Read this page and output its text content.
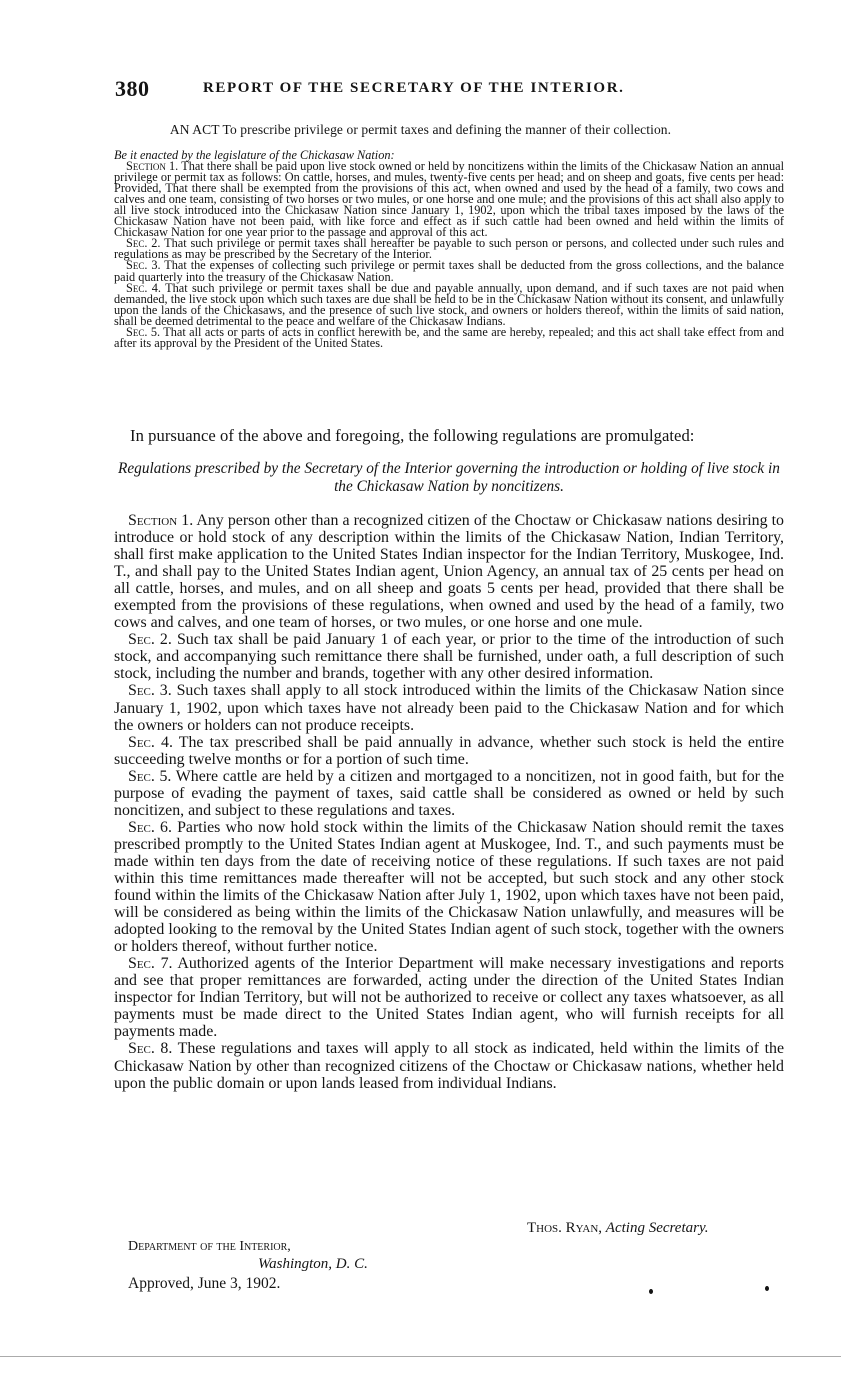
380	REPORT OF THE SECRETARY OF THE INTERIOR.
AN ACT To prescribe privilege or permit taxes and defining the manner of their collection.

Be it enacted by the legislature of the Chickasaw Nation:

Section 1. That there shall be paid upon live stock owned or held by noncitizens within the limits of the Chickasaw Nation an annual privilege or permit tax as follows: On cattle, horses, and mules, twenty-five cents per head; and on sheep and goats, five cents per head: Provided, That there shall be exempted from the provisions of this act, when owned and used by the head of a family, two cows and calves and one team, consisting of two horses or two mules, or one horse and one mule; and the provisions of this act shall also apply to all live stock introduced into the Chickasaw Nation since January 1, 1902, upon which the tribal taxes imposed by the laws of the Chickasaw Nation have not been paid, with like force and effect as if such cattle had been owned and held within the limits of Chickasaw Nation for one year prior to the passage and approval of this act.

Sec. 2. That such privilege or permit taxes shall hereafter be payable to such person or persons, and collected under such rules and regulations as may be prescribed by the Secretary of the Interior.

Sec. 3. That the expenses of collecting such privilege or permit taxes shall be deducted from the gross collections, and the balance paid quarterly into the treasury of the Chickasaw Nation.

Sec. 4. That such privilege or permit taxes shall be due and payable annually, upon demand, and if such taxes are not paid when demanded, the live stock upon which such taxes are due shall be held to be in the Chickasaw Nation without its consent, and unlawfully upon the lands of the Chickasaws, and the presence of such live stock, and owners or holders thereof, within the limits of said nation, shall be deemed detrimental to the peace and welfare of the Chickasaw Indians.

Sec. 5. That all acts or parts of acts in conflict herewith be, and the same are hereby, repealed; and this act shall take effect from and after its approval by the President of the United States.

In pursuance of the above and foregoing, the following regulations are promulgated:
Regulations prescribed by the Secretary of the Interior governing the introduction or holding of live stock in the Chickasaw Nation by noncitizens.

Section 1. Any person other than a recognized citizen of the Choctaw or Chickasaw nations desiring to introduce or hold stock of any description within the limits of the Chickasaw Nation, Indian Territory, shall first make application to the United States Indian inspector for the Indian Territory, Muskogee, Ind. T., and shall pay to the United States Indian agent, Union Agency, an annual tax of 25 cents per head on all cattle, horses, and mules, and on all sheep and goats 5 cents per head, provided that there shall be exempted from the provisions of these regulations, when owned and used by the head of a family, two cows and calves, and one team of horses, or two mules, or one horse and one mule.

Sec. 2. Such tax shall be paid January 1 of each year, or prior to the time of the introduction of such stock, and accompanying such remittance there shall be furnished, under oath, a full description of such stock, including the number and brands, together with any other desired information.

Sec. 3. Such taxes shall apply to all stock introduced within the limits of the Chickasaw Nation since January 1, 1902, upon which taxes have not already been paid to the Chickasaw Nation and for which the owners or holders can not produce receipts.

Sec. 4. The tax prescribed shall be paid annually in advance, whether such stock is held the entire succeeding twelve months or for a portion of such time.

Sec. 5. Where cattle are held by a citizen and mortgaged to a noncitizen, not in good faith, but for the purpose of evading the payment of taxes, said cattle shall be considered as owned or held by such noncitizen, and subject to these regulations and taxes.

Sec. 6. Parties who now hold stock within the limits of the Chickasaw Nation should remit the taxes prescribed promptly to the United States Indian agent at Muskogee, Ind. T., and such payments must be made within ten days from the date of receiving notice of these regulations. If such taxes are not paid within this time remittances made thereafter will not be accepted, but such stock and any other stock found within the limits of the Chickasaw Nation after July 1, 1902, upon which taxes have not been paid, will be considered as being within the limits of the Chickasaw Nation unlawfully, and measures will be adopted looking to the removal by the United States Indian agent of such stock, together with the owners or holders thereof, without further notice.

Sec. 7. Authorized agents of the Interior Department will make necessary investigations and reports and see that proper remittances are forwarded, acting under the direction of the United States Indian inspector for Indian Territory, but will not be authorized to receive or collect any taxes whatsoever, as all payments must be made direct to the United States Indian agent, who will furnish receipts for all payments made.

Sec. 8. These regulations and taxes will apply to all stock as indicated, held within the limits of the Chickasaw Nation by other than recognized citizens of the Choctaw or Chickasaw nations, whether held upon the public domain or upon lands leased from individual Indians.

Thos. Ryan, Acting Secretary.
Department of the Interior,
Washington, D. C.
Approved, June 3, 1902.
